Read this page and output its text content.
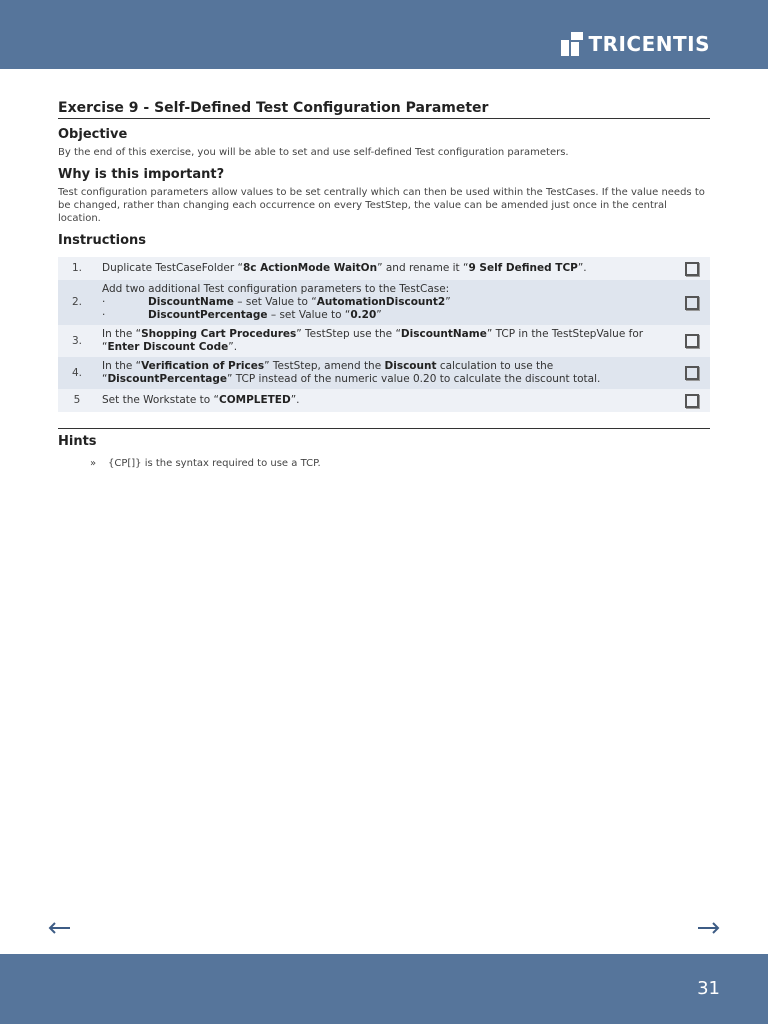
TRICENTIS
Exercise 9 - Self-Defined Test Configuration Parameter
Objective

By the end of this exercise, you will be able to set and use self-defined Test configuration parameters.

Why is this important?

Test configuration parameters allow values to be set centrally which can then be used within the TestCases. If the value needs to be changed, rather than changing each occurrence on every TestStep, the value can be amended just once in the central location.

Instructions
1.	Duplicate TestCaseFolder “8c ActionMode WaitOn” and rename it “9 Self Defined TCP”.	
2.	Add two additional Test configuration parameters to the TestCase:
· DiscountName – set Value to “AutomationDiscount2”
· DiscountPercentage – set Value to “0.20”	

3.	In the “Shopping Cart Procedures” TestStep use the “DiscountName” TCP in the TestStepValue for “Enter Discount Code”.	
4.	In the “Verification of Prices” TestStep, amend the Discount calculation to use the “DiscountPercentage” TCP instead of the numeric value 0.20 to calculate the discount total.	
5	Set the Workstate to “COMPLETED”.	
Hints
»	{CP[]} is the syntax required to use a TCP.
31
